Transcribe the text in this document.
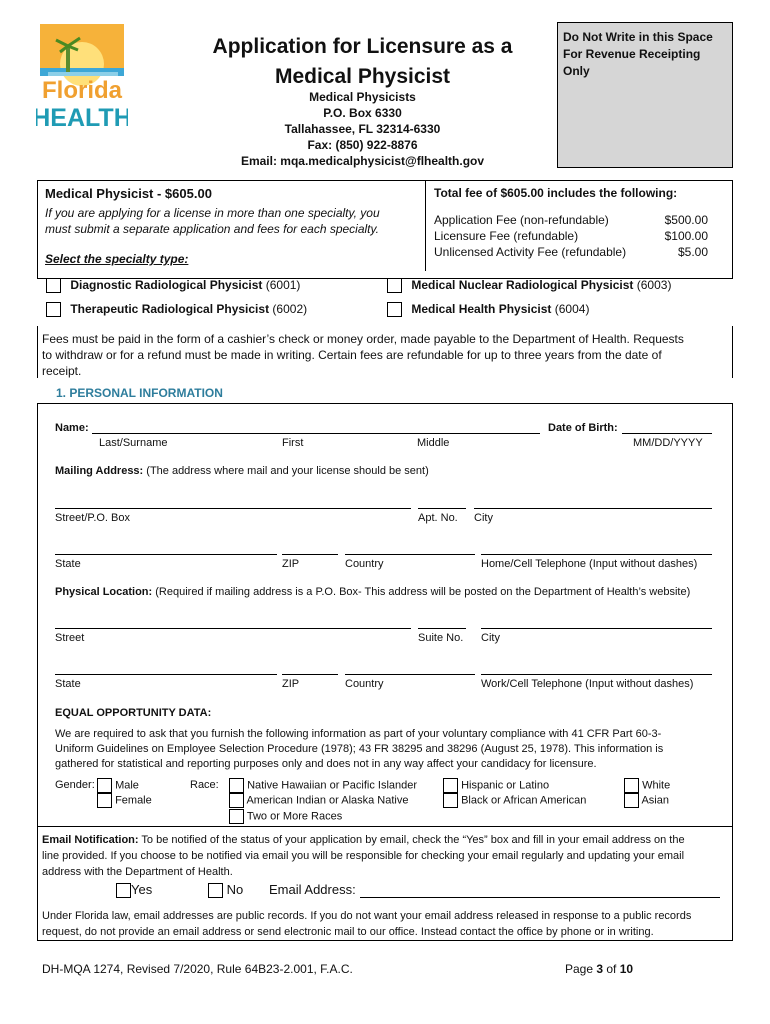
Florida
HEALTH
Application for Licensure as a
Medical Physicist
Medical Physicists
P.O. Box 6330
Tallahassee, FL 32314-6330
Fax: (850) 922-8876
Email: mqa.medicalphysicist@flhealth.gov
Do Not Write in this Space
For Revenue Receipting Only
Medical Physicist - $605.00
If you are applying for a license in more than one specialty, you
must submit a separate application and fees for each specialty.
Select the specialty type:
Total fee of $605.00 includes the following:
Application Fee (non-refundable)	$500.00
Licensure Fee (refundable)	$100.00
Unlicensed Activity Fee (refundable)	$5.00
Diagnostic Radiological Physicist (6001)	Medical Nuclear Radiological Physicist (6003)
Therapeutic Radiological Physicist (6002)	Medical Health Physicist (6004)
Fees must be paid in the form of a cashier’s check or money order, made payable to the Department of Health. Requests
to withdraw or for a refund must be made in writing. Certain fees are refundable for up to three years from the date of
receipt.
1. PERSONAL INFORMATION
Name:	Date of Birth:
Last/Surname	First	Middle	MM/DD/YYYY
Mailing Address: (The address where mail and your license should be sent)
Street/P.O. Box	Apt. No. City
State	ZIP	Country	Home/Cell Telephone (Input without dashes)
Physical Location: (Required if mailing address is a P.O. Box- This address will be posted on the Department of Health’s website)
Street	Suite No. City
State	ZIP	Country	Work/Cell Telephone (Input without dashes)
EQUAL OPPORTUNITY DATA:
We are required to ask that you furnish the following information as part of your voluntary compliance with 41 CFR Part 60-3-
Uniform Guidelines on Employee Selection Procedure (1978); 43 FR 38295 and 38296 (August 25, 1978). This information is
gathered for statistical and reporting purposes only and does not in any way affect your candidacy for licensure.
Gender:	Male
Female
Race:	Native Hawaiian or Pacific Islander
American Indian or Alaska Native
Two or More Races
Hispanic or Latino
Black or African American
White
Asian
Email Notification: To be notified of the status of your application by email, check the “Yes” box and fill in your email address on the
line provided. If you choose to be notified via email you will be responsible for checking your email regularly and updating your email
address with the Department of Health.
Yes	No Email Address:
Under Florida law, email addresses are public records. If you do not want your email address released in response to a public records
request, do not provide an email address or send electronic mail to our office. Instead contact the office by phone or in writing.
DH-MQA 1274, Revised 7/2020, Rule 64B23-2.001, F.A.C.	Page 3 of 10
